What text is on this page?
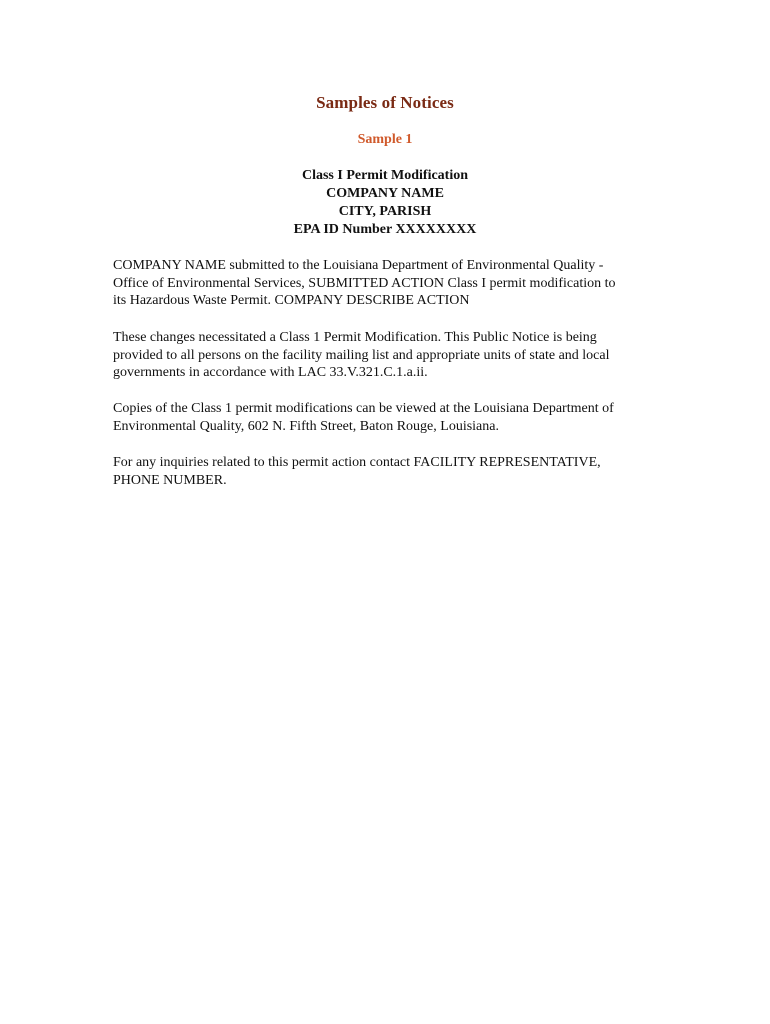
Samples of Notices
Sample 1
Class I Permit Modification
COMPANY NAME
CITY, PARISH
EPA ID Number XXXXXXXX
COMPANY NAME submitted to the Louisiana Department of Environmental Quality -
Office of Environmental Services, SUBMITTED ACTION Class I permit modification to
its Hazardous Waste Permit. COMPANY DESCRIBE ACTION
These changes necessitated a Class 1 Permit Modification. This Public Notice is being
provided to all persons on the facility mailing list and appropriate units of state and local
governments in accordance with LAC 33.V.321.C.1.a.ii.
Copies of the Class 1 permit modifications can be viewed at the Louisiana Department of
Environmental Quality, 602 N. Fifth Street, Baton Rouge, Louisiana.
For any inquiries related to this permit action contact FACILITY REPRESENTATIVE,
PHONE NUMBER.
